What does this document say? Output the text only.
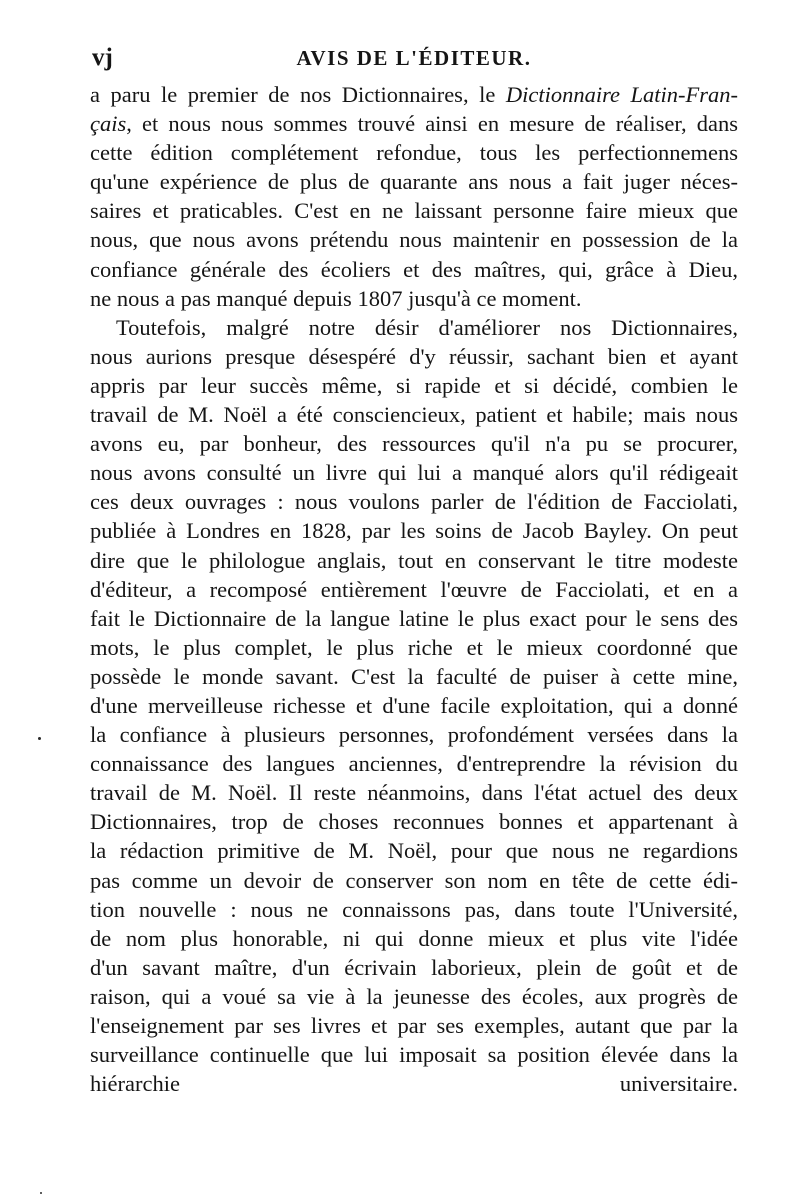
vj	AVIS DE L'ÉDITEUR.
a paru le premier de nos Dictionnaires, le Dictionnaire Latin-Fran-
çais, et nous nous sommes trouvé ainsi en mesure de réaliser, dans
cette édition complétement refondue, tous les perfectionnemens
qu'une expérience de plus de quarante ans nous a fait juger néces-
saires et praticables. C'est en ne laissant personne faire mieux que
nous, que nous avons prétendu nous maintenir en possession de la
confiance générale des écoliers et des maîtres, qui, grâce à Dieu,
ne nous a pas manqué depuis 1807 jusqu'à ce moment.
Toutefois, malgré notre désir d'améliorer nos Dictionnaires,
nous aurions presque désespéré d'y réussir, sachant bien et ayant
appris par leur succès même, si rapide et si décidé, combien le
travail de M. Noël a été consciencieux, patient et habile; mais nous
avons eu, par bonheur, des ressources qu'il n'a pu se procurer,
nous avons consulté un livre qui lui a manqué alors qu'il rédigeait
ces deux ouvrages : nous voulons parler de l'édition de Facciolati,
publiée à Londres en 1828, par les soins de Jacob Bayley. On peut
dire que le philologue anglais, tout en conservant le titre modeste
d'éditeur, a recomposé entièrement l'œuvre de Facciolati, et en a
fait le Dictionnaire de la langue latine le plus exact pour le sens des
mots, le plus complet, le plus riche et le mieux coordonné que
possède le monde savant. C'est la faculté de puiser à cette mine,
d'une merveilleuse richesse et d'une facile exploitation, qui a donné
la confiance à plusieurs personnes, profondément versées dans la
connaissance des langues anciennes, d'entreprendre la révision du
travail de M. Noël. Il reste néanmoins, dans l'état actuel des deux
Dictionnaires, trop de choses reconnues bonnes et appartenant à
la rédaction primitive de M. Noël, pour que nous ne regardions
pas comme un devoir de conserver son nom en tête de cette édi-
tion nouvelle : nous ne connaissons pas, dans toute l'Université,
de nom plus honorable, ni qui donne mieux et plus vite l'idée
d'un savant maître, d'un écrivain laborieux, plein de goût et de
raison, qui a voué sa vie à la jeunesse des écoles, aux progrès de
l'enseignement par ses livres et par ses exemples, autant que par la
surveillance continuelle que lui imposait sa position élevée dans la
hiérarchie universitaire.
